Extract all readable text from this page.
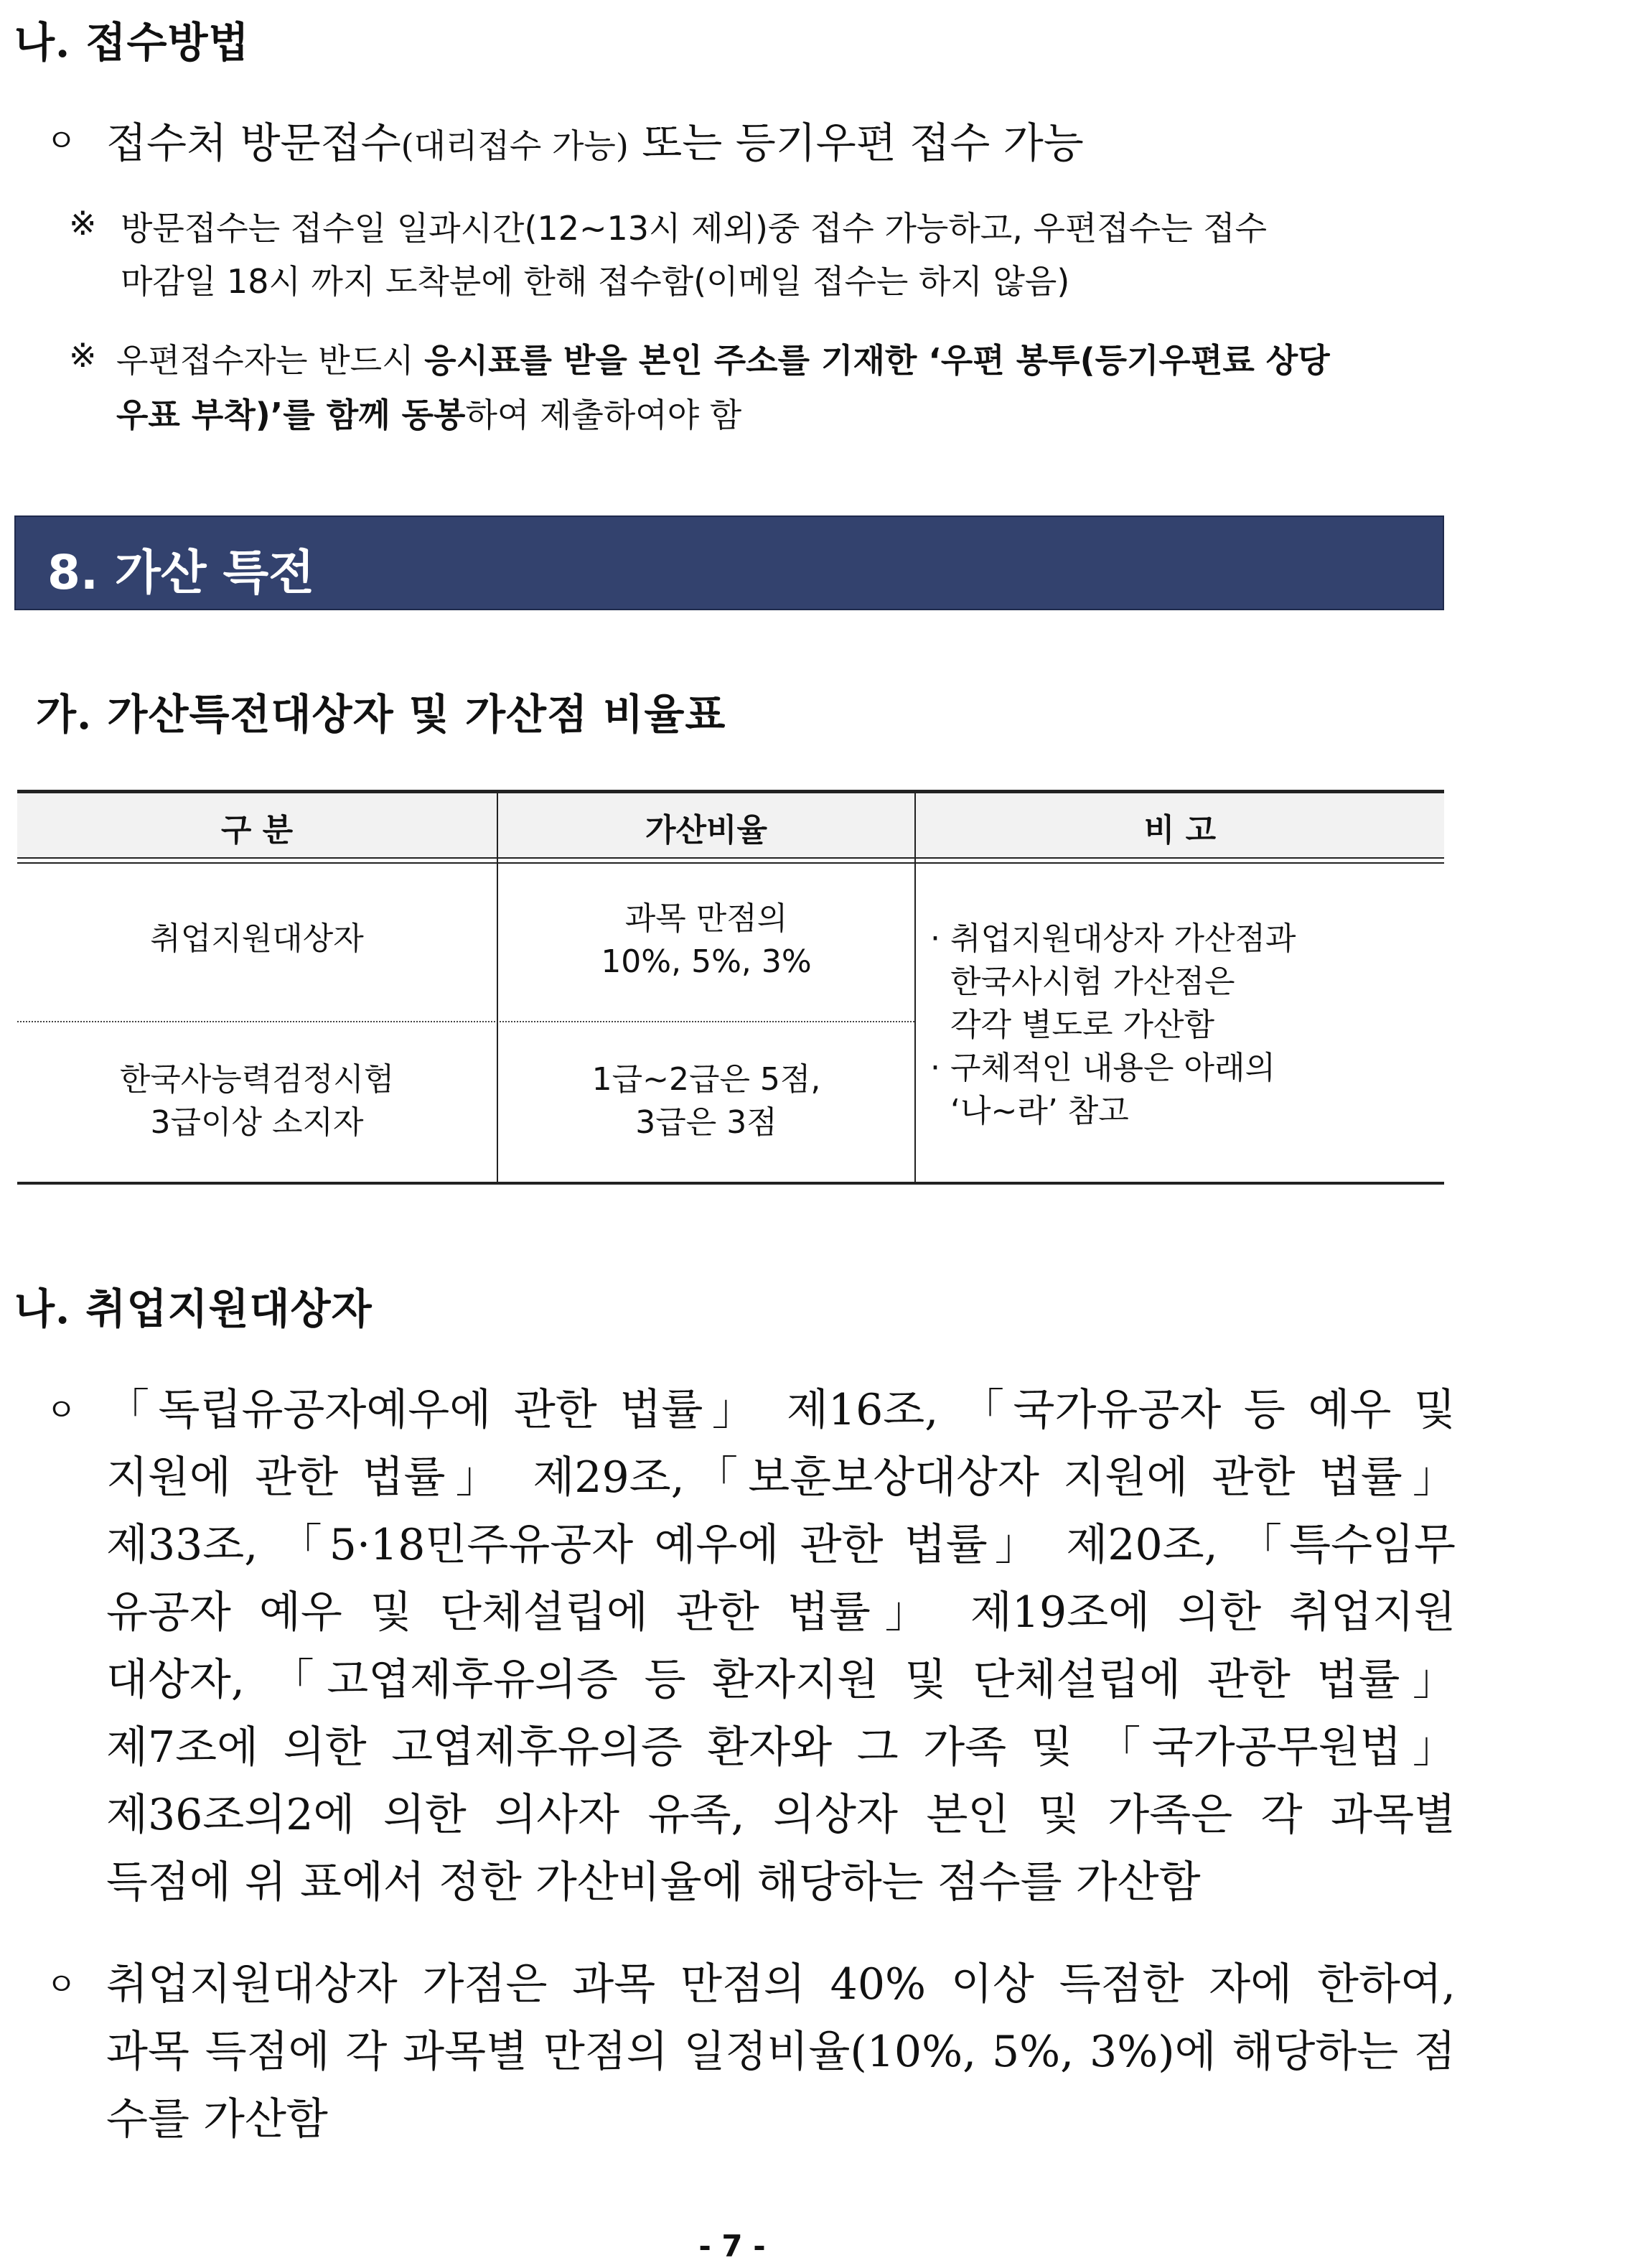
나. 접수방법
ㅇ 접수처 방문접수(대리접수 가능) 또는 등기우편 접수 가능
※ 방문접수는 접수일 일과시간(12~13시 제외)중 접수 가능하고, 우편접수는 접수
마감일 18시 까지 도착분에 한해 접수함(이메일 접수는 하지 않음)
※ 우편접수자는 반드시 응시표를 받을 본인 주소를 기재한 ‘우편 봉투(등기우편료 상당
우표 부착)’를 함께 동봉하여 제출하여야 함
8. 가산 특전
가. 가산특전대상자 및 가산점 비율표
구 분	가산비율	비 고
취업지원대상자
과목 만점의
10%, 5%, 3%
한국사능력검정시험
3급이상 소지자
1급~2급은 5점,
3급은 3점
· 취업지원대상자 가산점과
한국사시험 가산점은
각각 별도로 가산함
· 구체적인 내용은 아래의
‘나~라’ 참고
나. 취업지원대상자
ㅇ 「독립유공자예우에 관한 법률」 제16조, 「국가유공자 등 예우 및
지원에 관한 법률」 제29조,「보훈보상대상자 지원에 관한 법률」
제33조, 「5·18민주유공자 예우에 관한 법률」 제20조, 「특수임무
유공자 예우 및 단체설립에 관한 법률」 제19조에 의한 취업지원
대상자, 「고엽제후유의증 등 환자지원 및 단체설립에 관한 법률」
제7조에 의한 고엽제후유의증 환자와 그 가족 및 「국가공무원법」
제36조의2에 의한 의사자 유족, 의상자 본인 및 가족은 각 과목별
득점에 위 표에서 정한 가산비율에 해당하는 점수를 가산함
ㅇ 취업지원대상자 가점은 과목 만점의 40% 이상 득점한 자에 한하여,
과목 득점에 각 과목별 만점의 일정비율(10%, 5%, 3%)에 해당하는 점
수를 가산함
- 7 -
